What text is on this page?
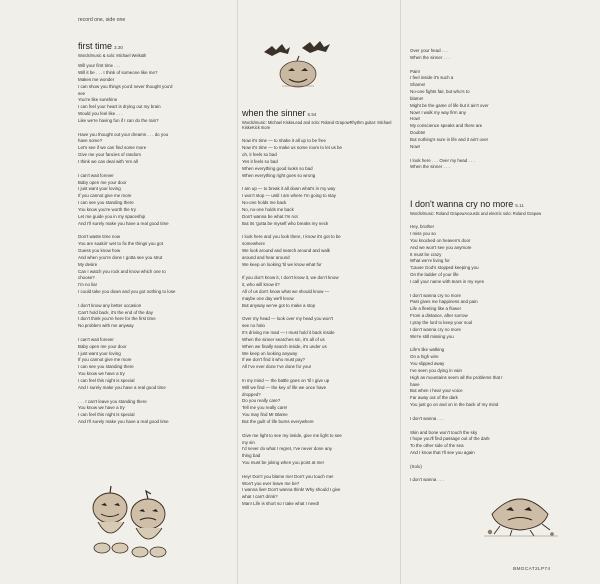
record one, side one

first time 3.30

Words/music & solo: Michael Weikath
Will your first time . . .
Will it be . . . I think of someone like me?
Makes me wonder
I can show you things you'd never thought you'd
see
You're like sunshine
I can feel your heart is drying out my brain
Would you feel like . . .
Like we're having fun if I can do the rain?
Have you thought out your dreams . . . do you
have some?
Let's see if we can find some more
Give me your fancies of random
I think we can deal with 'em all
I can't wait forever
Baby open me your door
I just want your loving
If you cannot give me more
I can see you standing there
You know you're worth the try
Let me guide you in my spaceship
And I'll surely make you have a real good time
Don't waste time now
You are soakin' wet to fix the things you got
Guess you know how
And when you're done I gotta see you strut
My desire
Can I watch you rock and know which one to
choose?
I'm no liar
I could take you down and you got nothing to lose
I don't know any better occasion
Can't hold back, it's the end of the day
I don't think you're here for the first time
No problem with me anyway
I can't wait forever
Baby open me your door
I just want your loving
If you cannot give me more
I can see you standing there
You know we have a try
I can feel this night is special
And I surely make you have a real good time
. . . I can't leave you standing there
You know we have a try
I can feel this night is special
And I'll surely make you have a real good time

when the sinner 6.54

Words/music: Michael KiskeLead and solo: Roland GrapowRhythm guitar: Michael KiskeKick more
Now it's time — to shake it all up to be free
Now it's time — to make us some room to let us be
oh, it feels so bad
Yes it feels so bad
When everything good looks so bad
When everything right goes so wrong
I am up — to break it all down what's in my way
I won't stop — until I am where I'm going to stay
No-one holds me back
No, no-one holds me back
Don't wanna be what I'm not
But its 'gotta be myself who breaks my neck
I look here and you look there, I know it's got to be
somewhere
We look around and search around and walk
around and hear around
We keep on looking 'til we know what for
If you don't know it, I don't know it, we don't know
it, who will know it?
All of us don't know what we should know —
maybe one day we'll know
But anyway we've got to make a stop
Over my head — look over my head you won't
see no halo
It's driving me mad — I must hold it back inside
When the sinner searches sin, it's all of us
When we finally search inside, it's under us
We keep on looking anyway
If we don't find it who must pay?
All I've ever done I've done for you!
In my mind — the battle goes on 'til I give up
Will we find — the key of life we once have
dropped?
Do you really care?
Tell me you really care!
You may find Mr Blame
But the guilt of life burns everywhere
Give me light to see my inside, give me light to see
my sin
I'd never do what I regret, I've never done any
thing bad
You must be joking when you point at me!
Hey! Don't you blame me! Don't you touch me!
Won't you ever leave me be?
I wanna live! Don't wanna think! Why should I give
what I can't drink?
Man! Life is short so I take what I need!
Over your head . . .
When the sinner . . .
Pain!
I feel inside it's such a
Shame!
No-one fights fair, but who's to
blame!
Might be the game of life but it ain't over
Now! I walk my way firm any
How!
My conscience speaks and there are
Doubts!
But nothing's sure in life and it ain't over
Now!
I look here . . . Over my head . . .
When the sinner . . .

I don't wanna cry no more 5.11

Words/music: Roland GrapowAcoustic and electric solo: Roland Grapow
Hey, brother
I miss you so
You knocked on heaven's door
And we won't see you anymore
It must be crazy
What we're living for
'Cause God's stopped keeping you
On the ladder of your life
I call your name with tears in my eyes
I don't wanna cry no more
Past gives me happiness and pain
Life a fleeting like a flower
From a distance, after sorrow
I pray the lord to keep your soul
I don't wanna cry no more
We're still missing you
Life's like walking
On a high wire
You slipped away
I've seen you dying in vain
High as mountains seem all the problems that I
have
But when I hear your voice
Far away out of the dark
You just go on and on in the back of my mind
I don't wanna . . .
Skin and bone won't touch the sky
I hope you'll find passage out of the dark
To the other side of the sea
And I know that I'll see you again
(Solo)
I don't wanna . . .
BMGCAT2LP74
